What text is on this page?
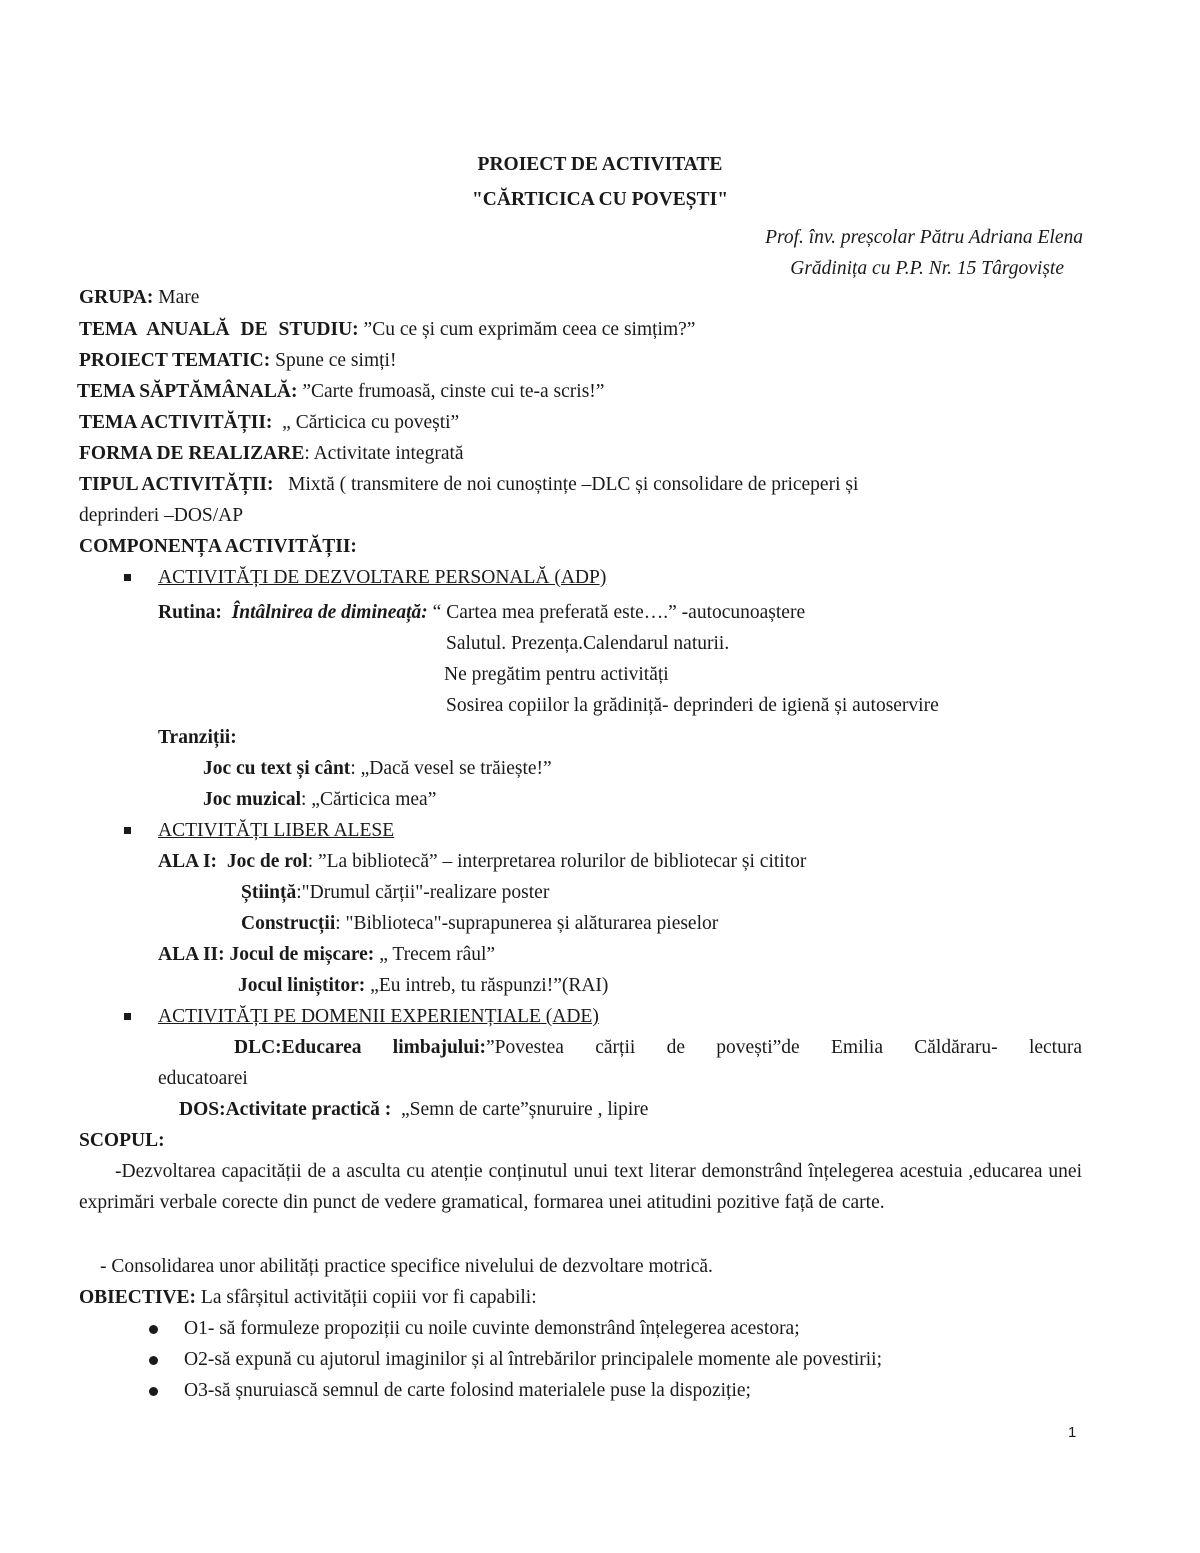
PROIECT DE ACTIVITATE
"CĂRTICICA CU POVEȘTI"
Prof. înv. preșcolar Pătru Adriana Elena
Grădinița cu P.P. Nr. 15 Târgoviște
GRUPA: Mare
TEMA ANUALĂ DE STUDIU: ”Cu ce și cum exprimăm ceea ce simțim?”
PROIECT TEMATIC: Spune ce simți!
TEMA SĂPTĂMÂNALĂ: ”Carte frumoasă, cinste cui te-a scris!”
TEMA ACTIVITĂȚII: „ Cărticica cu povești”
FORMA DE REALIZARE: Activitate integrată
TIPUL ACTIVITĂȚII: Mixtă ( transmitere de noi cunoștințe –DLC și consolidare de priceperi și
deprinderi –DOS/AP
COMPONENȚA ACTIVITĂȚII:
ACTIVITĂȚI DE DEZVOLTARE PERSONALĂ (ADP)
Rutina: Întâlnirea de dimineață: “ Cartea mea preferată este….” -autocunoaștere
Salutul. Prezența.Calendarul naturii.
Ne pregătim pentru activități
Sosirea copiilor la grădiniță- deprinderi de igienă și autoservire
Tranziții:
Joc cu text și cânt: „Dacă vesel se trăiește!”
Joc muzical: „Cărticica mea”
ACTIVITĂȚI LIBER ALESE
ALA I: Joc de rol: ”La bibliotecă” – interpretarea rolurilor de bibliotecar și cititor
Știință:"Drumul cărții"-realizare poster
Construcții: "Biblioteca"-suprapunerea și alăturarea pieselor
ALA II: Jocul de mișcare: „ Trecem râul”
Jocul liniștitor: „Eu intreb, tu răspunzi!”(RAI)
ACTIVITĂȚI PE DOMENII EXPERIENȚIALE (ADE)
DLC:Educarea limbajului:”Povestea cărții de povești”de Emilia Căldăraru- lectura
educatoarei
DOS:Activitate practică : „Semn de carte”șnuruire , lipire
SCOPUL:
-Dezvoltarea capacității de a asculta cu atenție conținutul unui text literar demonstrând înțelegerea acestuia ,educarea unei exprimări verbale corecte din punct de vedere gramatical, formarea unei atitudini pozitive față de carte.
- Consolidarea unor abilități practice specifice nivelului de dezvoltare motrică.
OBIECTIVE: La sfârșitul activității copiii vor fi capabili:
O1- să formuleze propoziții cu noile cuvinte demonstrând înțelegerea acestora;
O2-să expună cu ajutorul imaginilor și al întrebărilor principalele momente ale povestirii;
O3-să șnuruiască semnul de carte folosind materialele puse la dispoziție;
1
